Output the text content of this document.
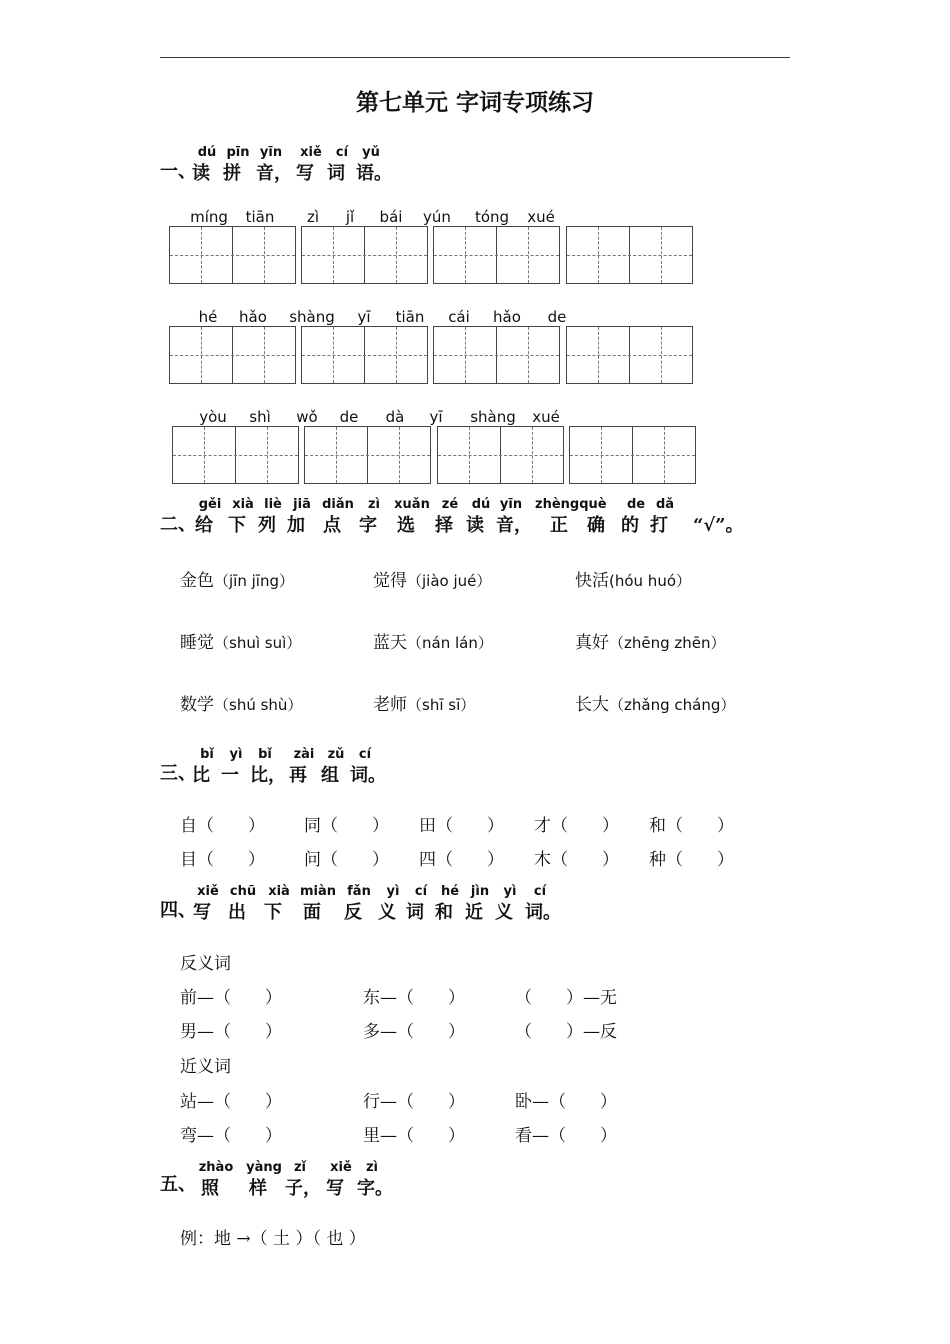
第七单元 字词专项练习
一、
dú
读
pīn
拼
yīn
音，
xiě
写
cí
词
yǔ
语。
míng	tiān	zì	jǐ	bái	yún	tóng	xué
hé	hǎo	shàng	yī	tiān	cái	hǎo	de
yòu	shì	wǒ	de	dà	yī	shàng	xué
二、
gěi
给
xià
下
liè
列
jiā
加
diǎn
点
zì
字
xuǎn
选
zé
择
dú
读
yīn
音，
zhèngquè
正	确
de
的
dǎ
打	“√”。
金色（jīn jīng）	觉得（jiào jué）	快活(hóu huó）
睡觉（shuì suì）	蓝天（nán lán）	真好（zhēng zhēn）
数学（shú shù）	老师（shī sī）	长大（zhǎng cháng）
三、
bǐ
比
yì
一
bǐ
比，
zài
再
zǔ
组
cí
词。
自（　　） 同（　　） 田（　　） 才（　　） 和（　　）
目（　　） 问（　　） 四（　　） 木（　　） 种（　　）
四、
xiě
写
chū
出
xià
下
miàn
面
fǎn
反
yì
义
cí
词
hé
和
jìn
近
yì
义
cí
词。
反义词
前—（　　）	东—（　　）	（　　）—无
男—（　　）	多—（　　）	（　　）—反
近义词
站—（　　）	行—（　　）	卧—（　　）
弯—（　　）	里—（　　）	看—（　　）
五、
zhào
照
yàng
样
zǐ
子，
xiě
写
zì
字。
例：地 →（ 土 ）（ 也 ）
